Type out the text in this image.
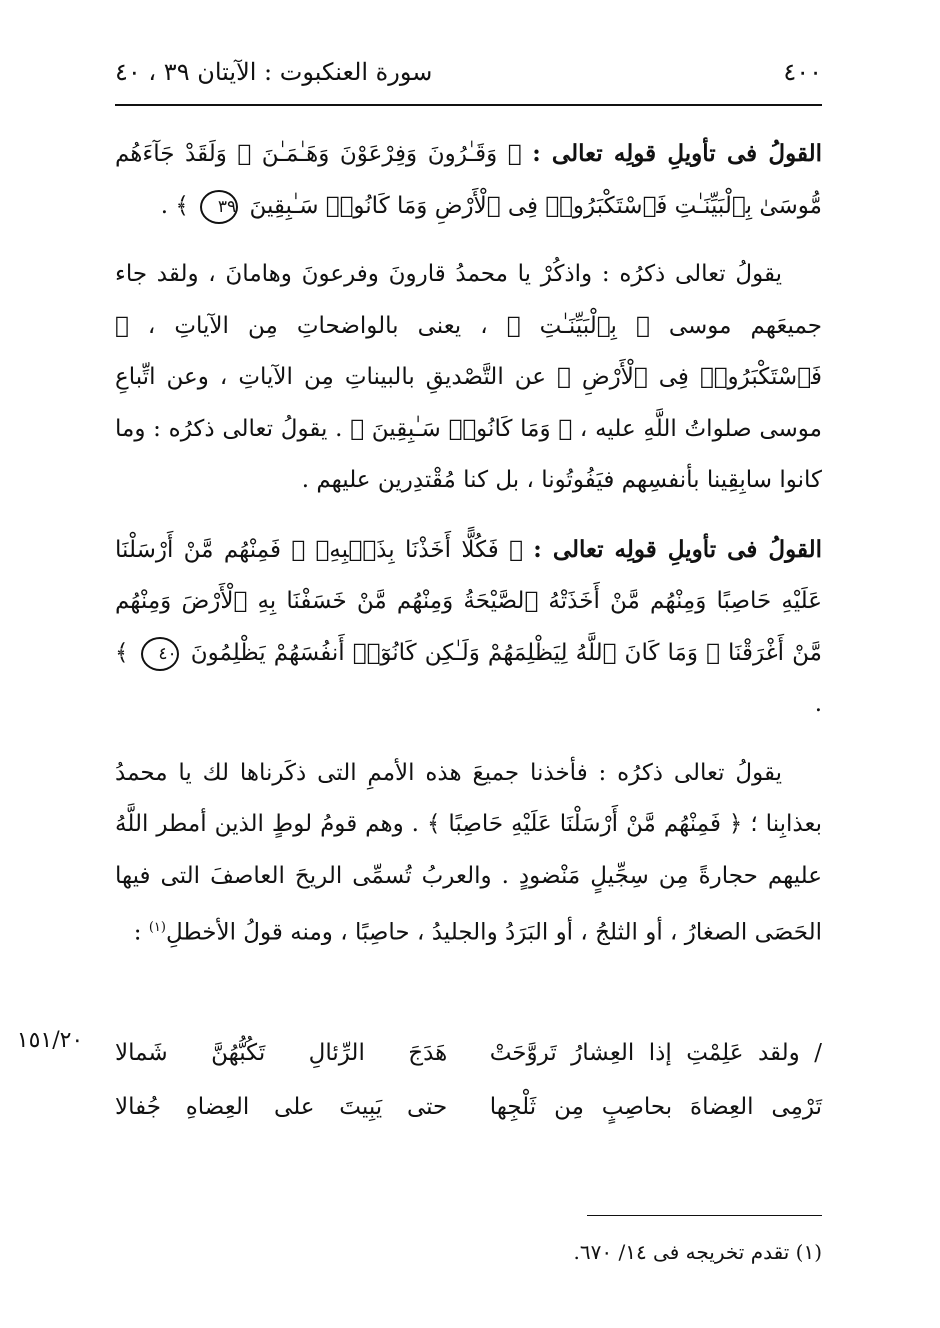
٤٠٠
سورة العنكبوت : الآيتان ٣٩ ، ٤٠

القولُ فى تأويلِ قولِه تعالى : ﴿ وَقَـٰرُونَ وَفِرْعَوْنَ وَهَـٰمَـٰنَ ۖ وَلَقَدْ جَآءَهُم مُّوسَىٰ بِٱلْبَيِّنَـٰتِ فَٱسْتَكْبَرُوا۟ فِى ٱلْأَرْضِ وَمَا كَانُوا۟ سَـٰبِقِينَ ٣٩ ﴾ .

يقولُ تعالى ذكرُه : واذكُرْ يا محمدُ قارونَ وفرعونَ وهامانَ ، ولقد جاء جميعَهم موسى ﴿ بِٱلْبَيِّنَـٰتِ ﴾ ، يعنى بالواضحاتِ مِن الآياتِ ، ﴿ فَٱسْتَكْبَرُوا۟ فِى ٱلْأَرْضِ ﴾ عن التَّصْديقِ بالبيناتِ مِن الآياتِ ، وعن اتِّباعِ موسى صلواتُ اللَّهِ عليه ، ﴿ وَمَا كَانُوا۟ سَـٰبِقِينَ ﴾ . يقولُ تعالى ذكرُه : وما كانوا سابِقِينا بأنفسِهم فيَفُوتُونا ، بل كنا مُقْتدِرين عليهم .

القولُ فى تأويلِ قولِه تعالى : ﴿ فَكُلًّا أَخَذْنَا بِذَنۢبِهِۦ ۖ فَمِنْهُم مَّنْ أَرْسَلْنَا عَلَيْهِ حَاصِبًا وَمِنْهُم مَّنْ أَخَذَتْهُ ٱلصَّيْحَةُ وَمِنْهُم مَّنْ خَسَفْنَا بِهِ ٱلْأَرْضَ وَمِنْهُم مَّنْ أَغْرَقْنَا ۚ وَمَا كَانَ ٱللَّهُ لِيَظْلِمَهُمْ وَلَـٰكِن كَانُوٓا۟ أَنفُسَهُمْ يَظْلِمُونَ ٤٠ ﴾ .

يقولُ تعالى ذكرُه : فأخذنا جميعَ هذه الأممِ التى ذكَرناها لك يا محمدُ بعذابِنا ؛ ﴿ فَمِنْهُم مَّنْ أَرْسَلْنَا عَلَيْهِ حَاصِبًا ﴾ . وهم قومُ لوطٍ الذين أمطر اللَّهُ عليهم حجارةً مِن سِجِّيلٍ مَنْضودٍ . والعربُ تُسمِّى الريحَ العاصفَ التى فيها الحَصَى الصغارُ ، أو الثلجُ ، أو البَرَدُ والجليدُ ، حاصِبًا ، ومنه قولُ الأخطلِ$^{(١)}$ :

١٥١/٢٠	/ ولقد عَلِمْتِ إذا العِشارُ تَروَّحَتْ
هَدَجَ الرِّئالِ تَكُبُّهُنَّ شَمالا
تَرْمِى العِضاهَ بحاصِبٍ مِن ثَلْجِها
حتى يَبِيتَ على العِضاهِ جُفالا
(١) تقدم تخريجه فى ١٤/ ٦٧٠.
